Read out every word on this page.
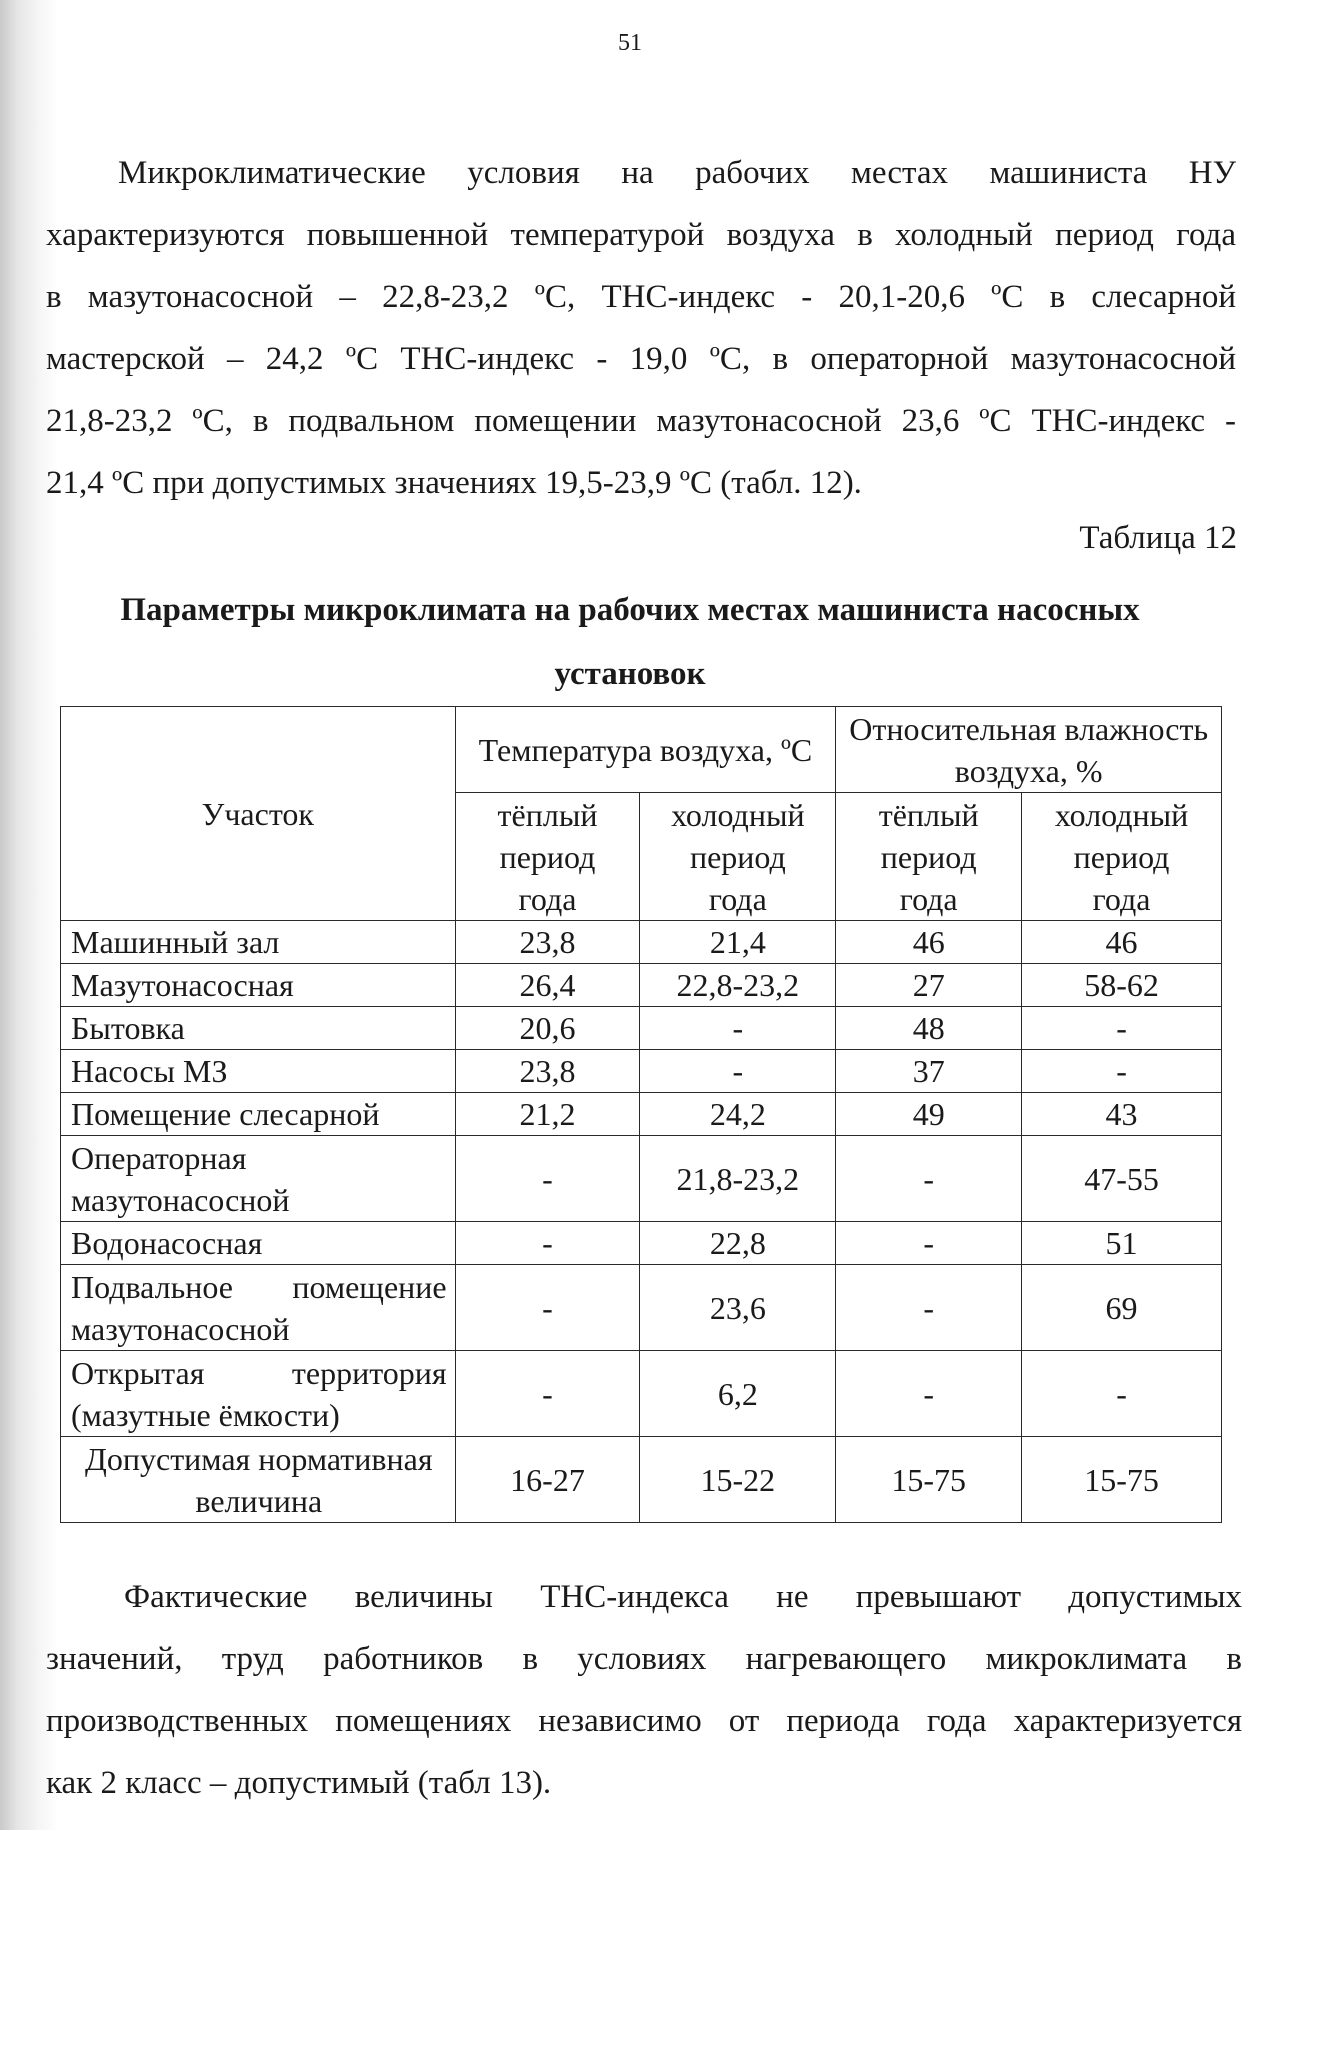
51
Микроклиматические условия на рабочих местах машиниста НУ
характеризуются повышенной температурой воздуха в холодный период года
в мазутонасосной – 22,8-23,2 ºС, ТНС-индекс - 20,1-20,6 ºС в слесарной
мастерской – 24,2 ºС ТНС-индекс - 19,0 ºС, в операторной мазутонасосной
21,8-23,2 ºС, в подвальном помещении мазутонасосной 23,6 ºС ТНС-индекс -
21,4 ºС при допустимых значениях 19,5-23,9 ºС (табл. 12).
Таблица 12
Параметры микроклимата на рабочих местах машиниста насосных установок
Участок	Температура воздуха, ºС		Относительная влажность воздуха, %	

	тёплый
период
года	холодный
период
года	тёплый
период
года	холодный
период
года

Машинный зал	23,8	21,4	46	46
Мазутонасосная	26,4	22,8-23,2	27	58-62
Бытовка	20,6	-	48	-
Насосы МЗ	23,8	-	37	-
Помещение слесарной	21,2	24,2	49	43
Операторная мазутонасосной	-	21,8-23,2	-	47-55
Водонасосная	-	22,8	-	51
Подвальное помещение мазутонасосной	-	23,6	-	69
Открытая территория (мазутные ёмкости)	-	6,2	-	-
Допустимая нормативная величина	16-27	15-22	15-75	15-75
Фактические величины ТНС-индекса не превышают допустимых
значений, труд работников в условиях нагревающего микроклимата в
производственных помещениях независимо от периода года характеризуется
как 2 класс – допустимый (табл 13).
